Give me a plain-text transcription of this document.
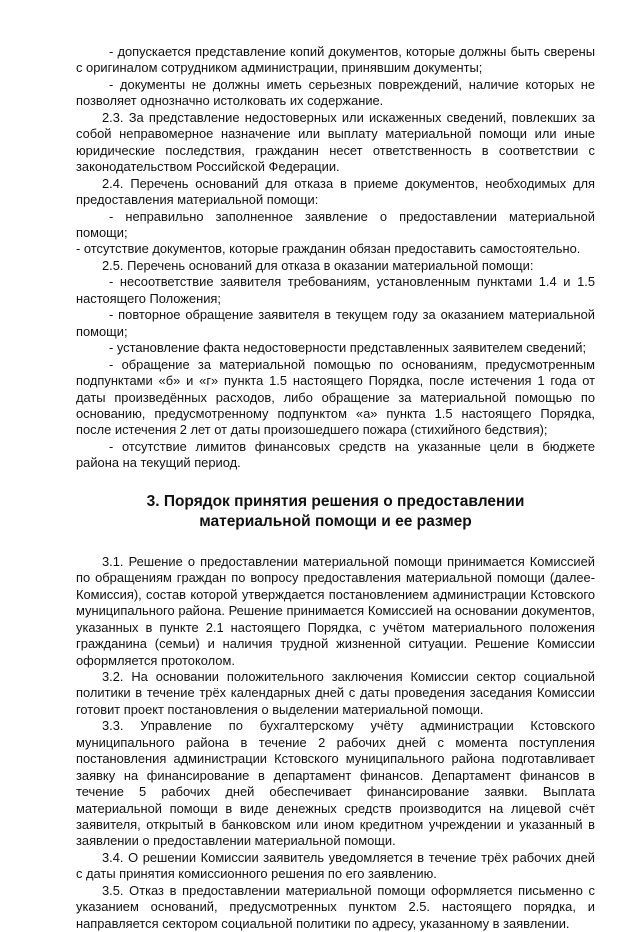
- допускается представление копий документов, которые должны быть сверены с оригиналом сотрудником администрации, принявшим документы;

- документы не должны иметь серьезных повреждений, наличие которых не позволяет однозначно истолковать их содержание.

2.3. За представление недостоверных или искаженных сведений, повлекших за собой неправомерное назначение или выплату материальной помощи или иные юридические последствия, гражданин несет ответственность в соответствии с законодательством Российской Федерации.

2.4. Перечень оснований для отказа в приеме документов, необходимых для предоставления материальной помощи:

- неправильно заполненное заявление о предоставлении материальной помощи;

- отсутствие документов, которые гражданин обязан предоставить самостоятельно.

2.5. Перечень оснований для отказа в оказании материальной помощи:

- несоответствие заявителя требованиям, установленным пунктами 1.4 и 1.5 настоящего Положения;

- повторное обращение заявителя в текущем году за оказанием материальной помощи;

- установление факта недостоверности представленных заявителем сведений;

- обращение за материальной помощью по основаниям, предусмотренным подпунктами «б» и «г» пункта 1.5 настоящего Порядка, после истечения 1 года от даты произведённых расходов, либо обращение за материальной помощью по основанию, предусмотренному подпунктом «а» пункта 1.5 настоящего Порядка, после истечения 2 лет от даты произошедшего пожара (стихийного бедствия);

- отсутствие лимитов финансовых средств на указанные цели в бюджете района на текущий период.

3. Порядок принятия решения о предоставлении
материальной помощи и ее размер

3.1. Решение о предоставлении материальной помощи принимается Комиссией по обращениям граждан по вопросу предоставления материальной помощи (далее- Комиссия), состав которой утверждается постановлением администрации Кстовского муниципального района. Решение принимается Комиссией на основании документов, указанных в пункте 2.1 настоящего Порядка, с учётом материального положения гражданина (семьи) и наличия трудной жизненной ситуации. Решение Комиссии оформляется протоколом.

3.2. На основании положительного заключения Комиссии сектор социальной политики в течение трёх календарных дней с даты проведения заседания Комиссии готовит проект постановления о выделении материальной помощи.

3.3. Управление по бухгалтерскому учёту администрации Кстовского муниципального района в течение 2 рабочих дней с момента поступления постановления администрации Кстовского муниципального района подготавливает заявку на финансирование в департамент финансов. Департамент финансов в течение 5 рабочих дней обеспечивает финансирование заявки. Выплата материальной помощи в виде денежных средств производится на лицевой счёт заявителя, открытый в банковском или ином кредитном учреждении и указанный в заявлении о предоставлении материальной помощи.

3.4. О решении Комиссии заявитель уведомляется в течение трёх рабочих дней с даты принятия комиссионного решения по его заявлению.

3.5. Отказ в предоставлении материальной помощи оформляется письменно с указанием оснований, предусмотренных пунктом 2.5. настоящего порядка, и направляется сектором социальной политики по адресу, указанному в заявлении.
